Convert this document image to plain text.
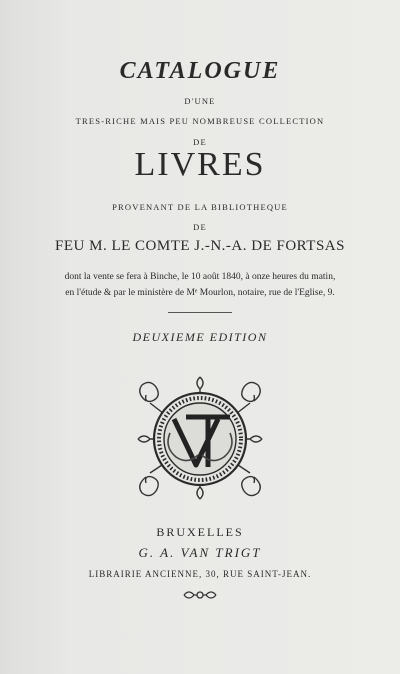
CATALOGUE
D'UNE
TRES-RICHE MAIS PEU NOMBREUSE COLLECTION
DE
LIVRES
PROVENANT DE LA BIBLIOTHEQUE
DE
FEU M. LE COMTE J.-N.-A. DE FORTSAS
dont la vente se fera à Binche, le 10 août 1840, à onze heures du matin,
en l'étude & par le ministère de Mᵉ Mourlon, notaire, rue de l'Eglise, 9.
DEUXIEME EDITION
BRUXELLES
G. A. VAN TRIGT
LIBRAIRIE ANCIENNE, 30, RUE SAINT-JEAN.
